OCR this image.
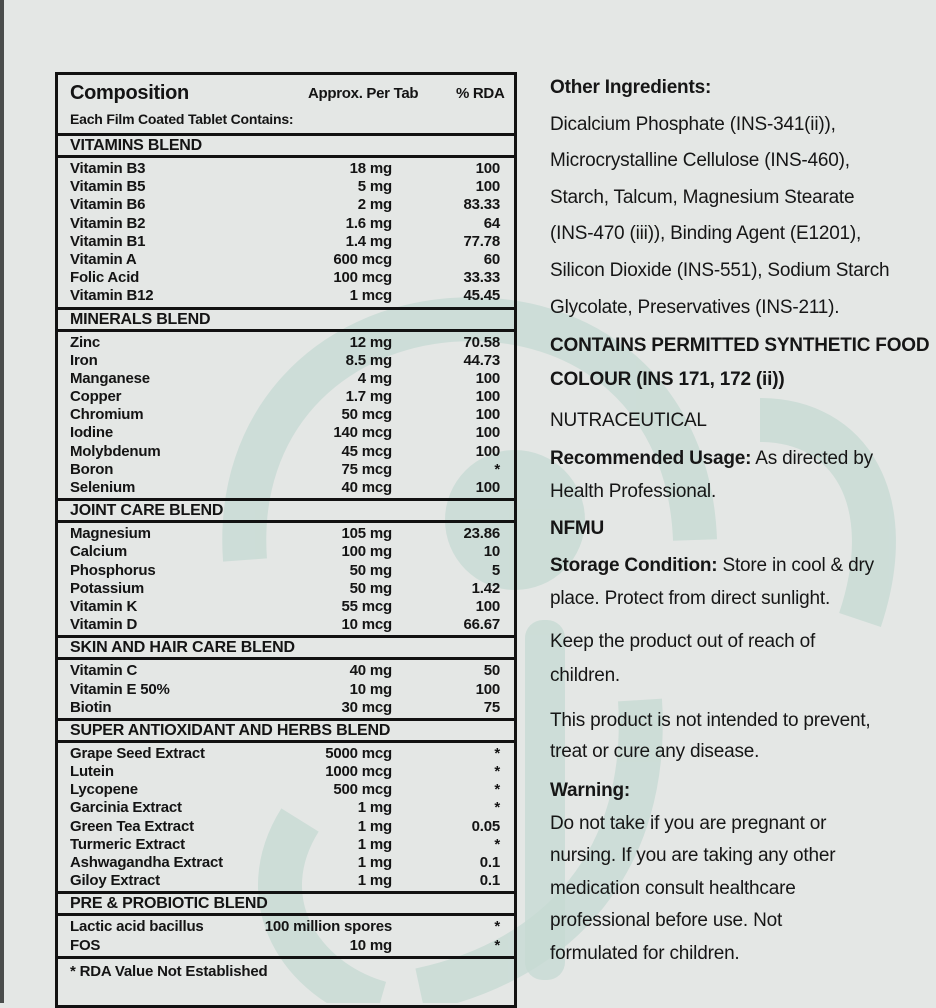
Composition
Each Film Coated Tablet Contains:
Approx. Per Tab	% RDA
VITAMINS BLEND
Vitamin B3	18 mg	100
Vitamin B5	5 mg	100
Vitamin B6	2 mg	83.33
Vitamin B2	1.6 mg	64
Vitamin B1	1.4 mg	77.78
Vitamin A	600 mcg	60
Folic Acid	100 mcg	33.33
Vitamin B12	1 mcg	45.45
MINERALS BLEND
Zinc	12 mg	70.58
Iron	8.5 mg	44.73
Manganese	4 mg	100
Copper	1.7 mg	100
Chromium	50 mcg	100
Iodine	140 mcg	100
Molybdenum	45 mcg	100
Boron	75 mcg	*
Selenium	40 mcg	100
JOINT CARE BLEND
Magnesium	105 mg	23.86
Calcium	100 mg	10
Phosphorus	50 mg	5
Potassium	50 mg	1.42
Vitamin K	55 mcg	100
Vitamin D	10 mcg	66.67
SKIN AND HAIR CARE BLEND
Vitamin C	40 mg	50
Vitamin E 50%	10 mg	100
Biotin	30 mcg	75
SUPER ANTIOXIDANT AND HERBS BLEND
Grape Seed Extract	5000 mcg	*
Lutein	1000 mcg	*
Lycopene	500 mcg	*
Garcinia Extract	1 mg	*
Green Tea Extract	1 mg	0.05
Turmeric Extract	1 mg	*
Ashwagandha Extract	1 mg	0.1
Giloy Extract	1 mg	0.1
PRE & PROBIOTIC BLEND
Lactic acid bacillus	100 million spores	*
FOS	10 mg	*
* RDA Value Not Established

Other Ingredients:

Dicalcium Phosphate (INS-341(ii)),

Microcrystalline Cellulose (INS-460),

Starch, Talcum, Magnesium Stearate

(INS-470 (iii)), Binding Agent (E1201),

Silicon Dioxide (INS-551), Sodium Starch

Glycolate, Preservatives (INS-211).

CONTAINS PERMITTED SYNTHETIC FOOD

COLOUR (INS 171, 172 (ii))

NUTRACEUTICAL

Recommended Usage: As directed by

Health Professional.

NFMU

Storage Condition: Store in cool & dry

place. Protect from direct sunlight.

Keep the product out of reach of

children.

This product is not intended to prevent,

treat or cure any disease.

Warning:

Do not take if you are pregnant or

nursing. If you are taking any other

medication consult healthcare

professional before use. Not

formulated for children.
